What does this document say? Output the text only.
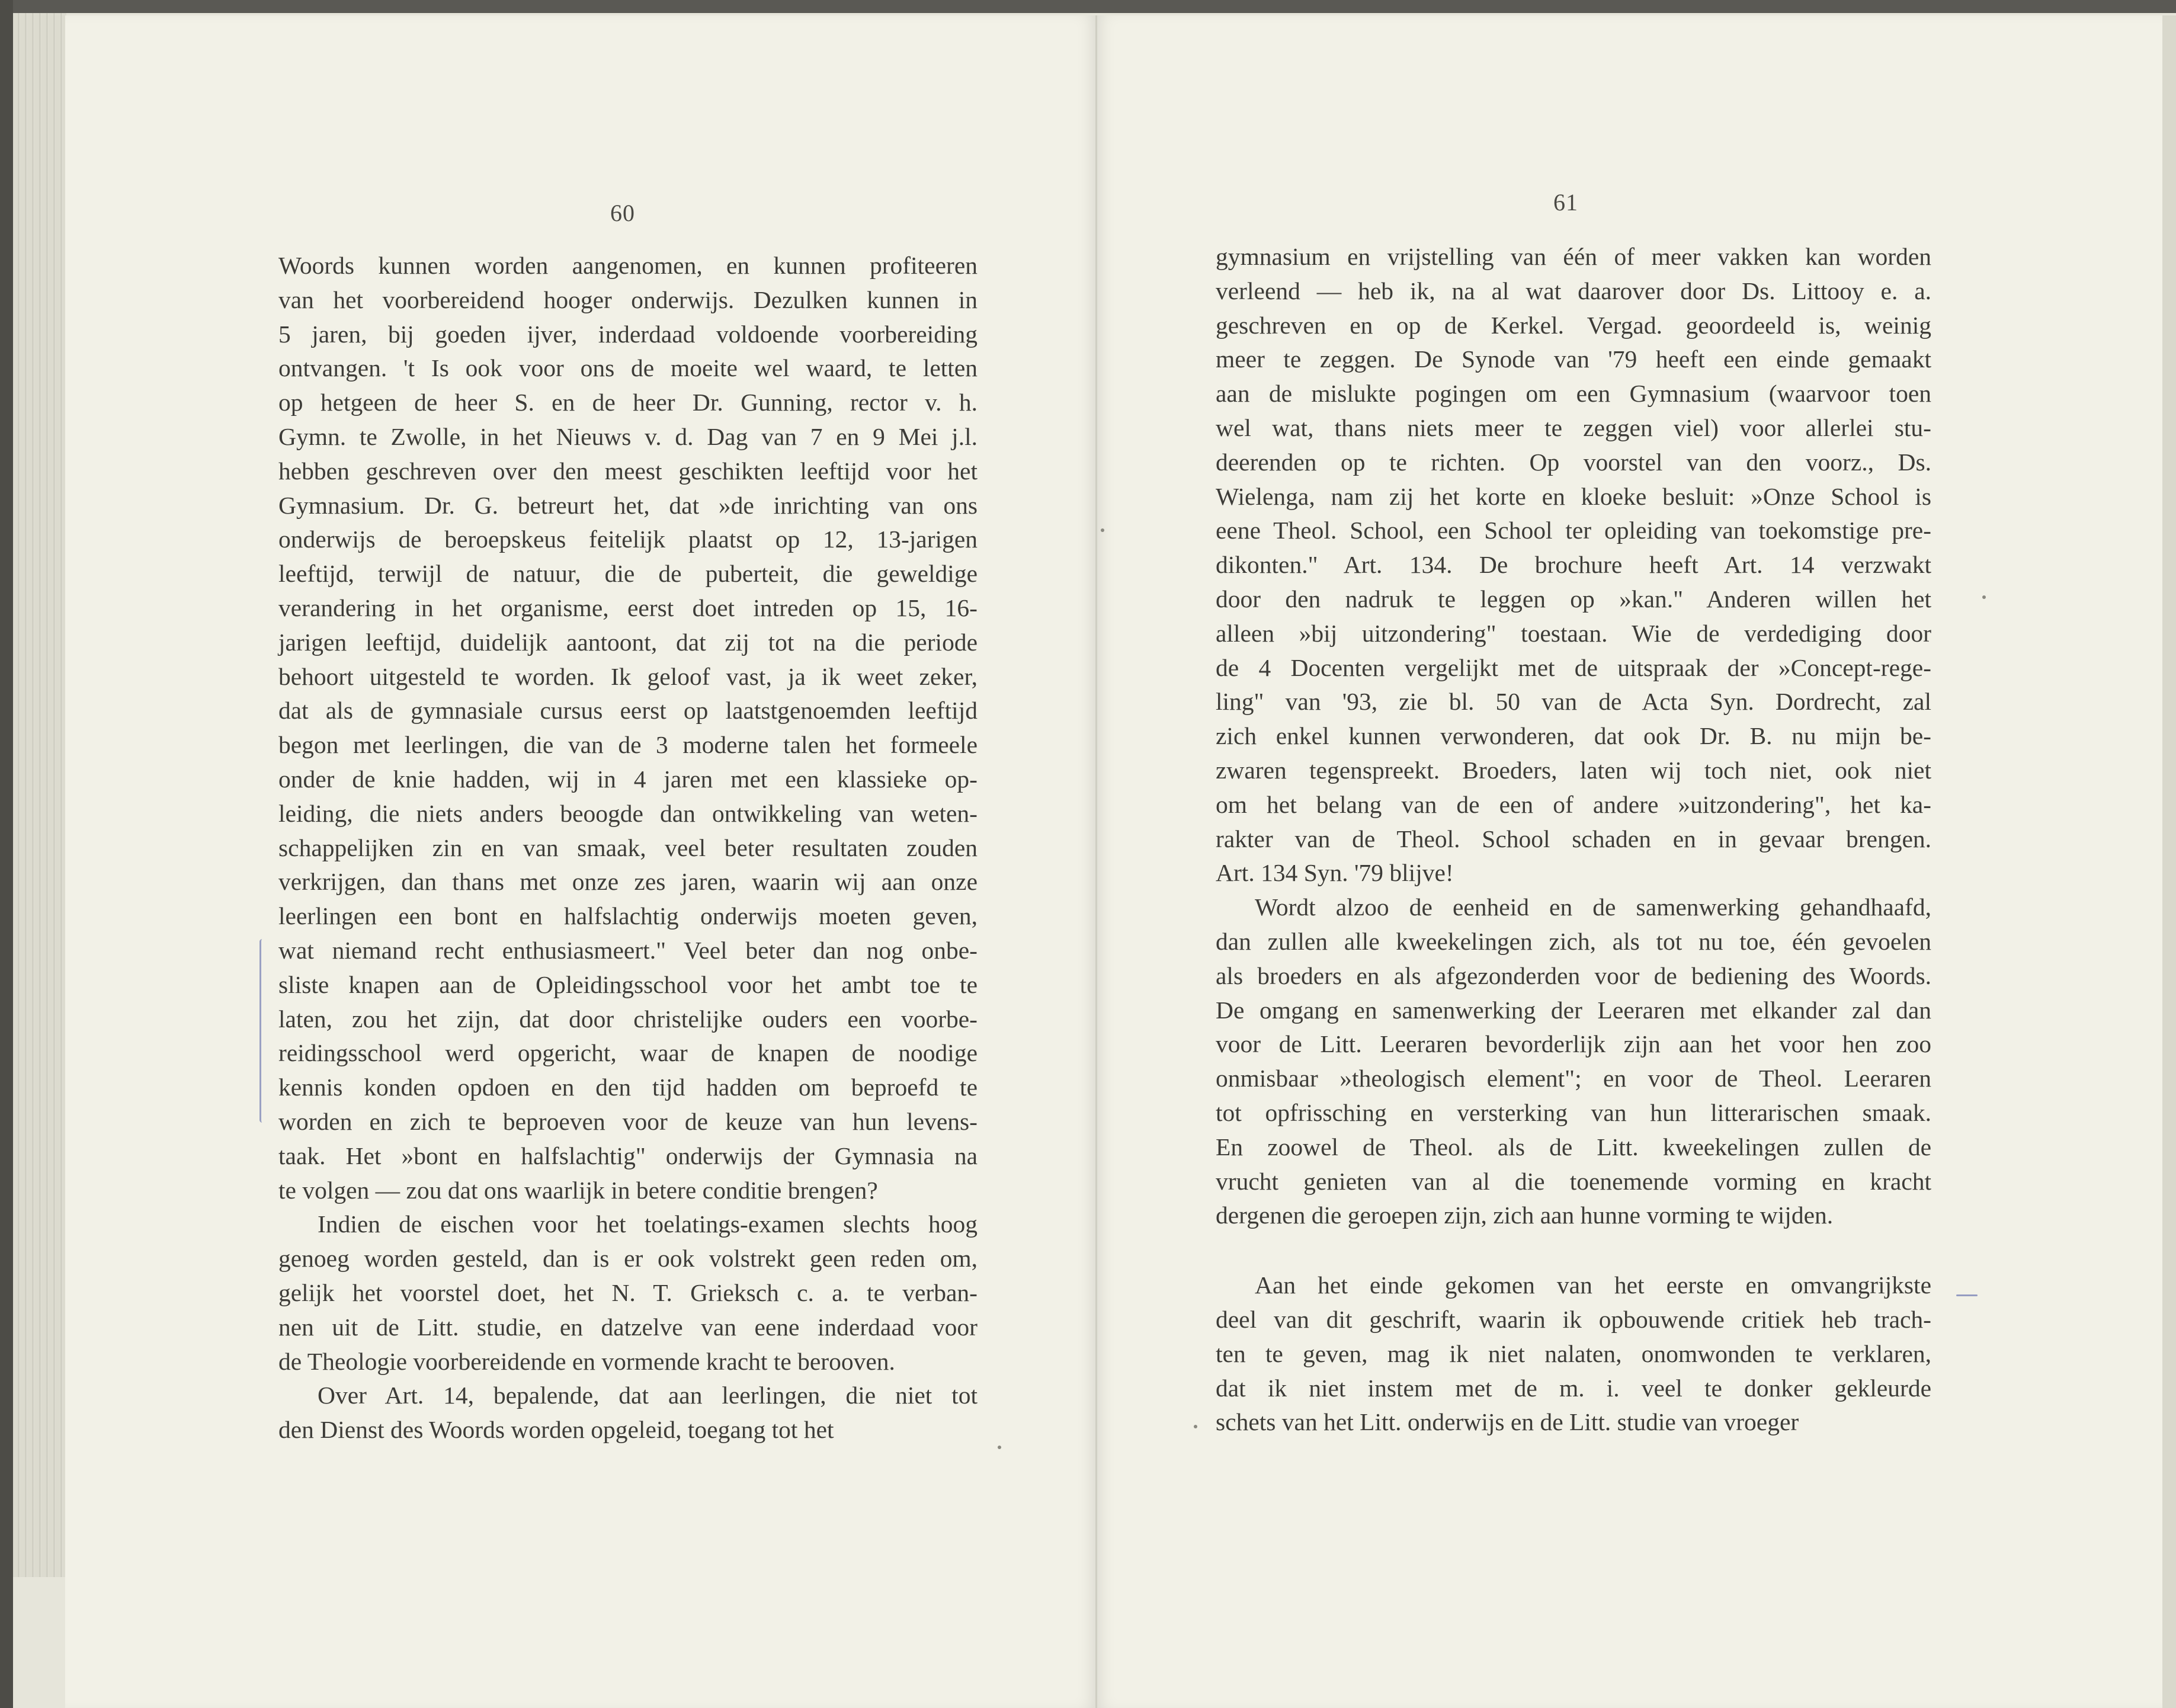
60	61
Woords kunnen worden aangenomen, en kunnen profiteeren
van het voorbereidend hooger onderwijs. Dezulken kunnen in
5 jaren, bij goeden ijver, inderdaad voldoende voorbereiding
ontvangen. 't Is ook voor ons de moeite wel waard, te letten
op hetgeen de heer S. en de heer Dr. Gunning, rector v. h.
Gymn. te Zwolle, in het Nieuws v. d. Dag van 7 en 9 Mei j.l.
hebben geschreven over den meest geschikten leeftijd voor het
Gymnasium. Dr. G. betreurt het, dat »de inrichting van ons
onderwijs de beroepskeus feitelijk plaatst op 12, 13-jarigen
leeftijd, terwijl de natuur, die de puberteit, die geweldige
verandering in het organisme, eerst doet intreden op 15, 16-
jarigen leeftijd, duidelijk aantoont, dat zij tot na die periode
behoort uitgesteld te worden. Ik geloof vast, ja ik weet zeker,
dat als de gymnasiale cursus eerst op laatstgenoemden leeftijd
begon met leerlingen, die van de 3 moderne talen het formeele
onder de knie hadden, wij in 4 jaren met een klassieke op-
leiding, die niets anders beoogde dan ontwikkeling van weten-
schappelijken zin en van smaak, veel beter resultaten zouden
verkrijgen, dan thans met onze zes jaren, waarin wij aan onze
leerlingen een bont en halfslachtig onderwijs moeten geven,
wat niemand recht enthusiasmeert." Veel beter dan nog onbe-
sliste knapen aan de Opleidingsschool voor het ambt toe te
laten, zou het zijn, dat door christelijke ouders een voorbe-
reidingsschool werd opgericht, waar de knapen de noodige
kennis konden opdoen en den tijd hadden om beproefd te
worden en zich te beproeven voor de keuze van hun levens-
taak. Het »bont en halfslachtig" onderwijs der Gymnasia na
te volgen — zou dat ons waarlijk in betere conditie brengen?
Indien de eischen voor het toelatings-examen slechts hoog
genoeg worden gesteld, dan is er ook volstrekt geen reden om,
gelijk het voorstel doet, het N. T. Grieksch c. a. te verban-
nen uit de Litt. studie, en datzelve van eene inderdaad voor
de Theologie voorbereidende en vormende kracht te berooven.
Over Art. 14, bepalende, dat aan leerlingen, die niet tot
den Dienst des Woords worden opgeleid, toegang tot het
gymnasium en vrijstelling van één of meer vakken kan worden
verleend — heb ik, na al wat daarover door Ds. Littooy e. a.
geschreven en op de Kerkel. Vergad. geoordeeld is, weinig
meer te zeggen. De Synode van '79 heeft een einde gemaakt
aan de mislukte pogingen om een Gymnasium (waarvoor toen
wel wat, thans niets meer te zeggen viel) voor allerlei stu-
deerenden op te richten. Op voorstel van den voorz., Ds.
Wielenga, nam zij het korte en kloeke besluit: »Onze School is
eene Theol. School, een School ter opleiding van toekomstige pre-
dikonten." Art. 134. De brochure heeft Art. 14 verzwakt
door den nadruk te leggen op »kan." Anderen willen het
alleen »bij uitzondering" toestaan. Wie de verdediging door
de 4 Docenten vergelijkt met de uitspraak der »Concept-rege-
ling" van '93, zie bl. 50 van de Acta Syn. Dordrecht, zal
zich enkel kunnen verwonderen, dat ook Dr. B. nu mijn be-
zwaren tegenspreekt. Broeders, laten wij toch niet, ook niet
om het belang van de een of andere »uitzondering", het ka-
rakter van de Theol. School schaden en in gevaar brengen.
Art. 134 Syn. '79 blijve!
Wordt alzoo de eenheid en de samenwerking gehandhaafd,
dan zullen alle kweekelingen zich, als tot nu toe, één gevoelen
als broeders en als afgezonderden voor de bediening des Woords.
De omgang en samenwerking der Leeraren met elkander zal dan
voor de Litt. Leeraren bevorderlijk zijn aan het voor hen zoo
onmisbaar »theologisch element"; en voor de Theol. Leeraren
tot opfrissching en versterking van hun litterarischen smaak.
En zoowel de Theol. als de Litt. kweekelingen zullen de
vrucht genieten van al die toenemende vorming en kracht
dergenen die geroepen zijn, zich aan hunne vorming te wijden.
Aan het einde gekomen van het eerste en omvangrijkste
deel van dit geschrift, waarin ik opbouwende critiek heb trach-
ten te geven, mag ik niet nalaten, onomwonden te verklaren,
dat ik niet instem met de m. i. veel te donker gekleurde
schets van het Litt. onderwijs en de Litt. studie van vroeger
